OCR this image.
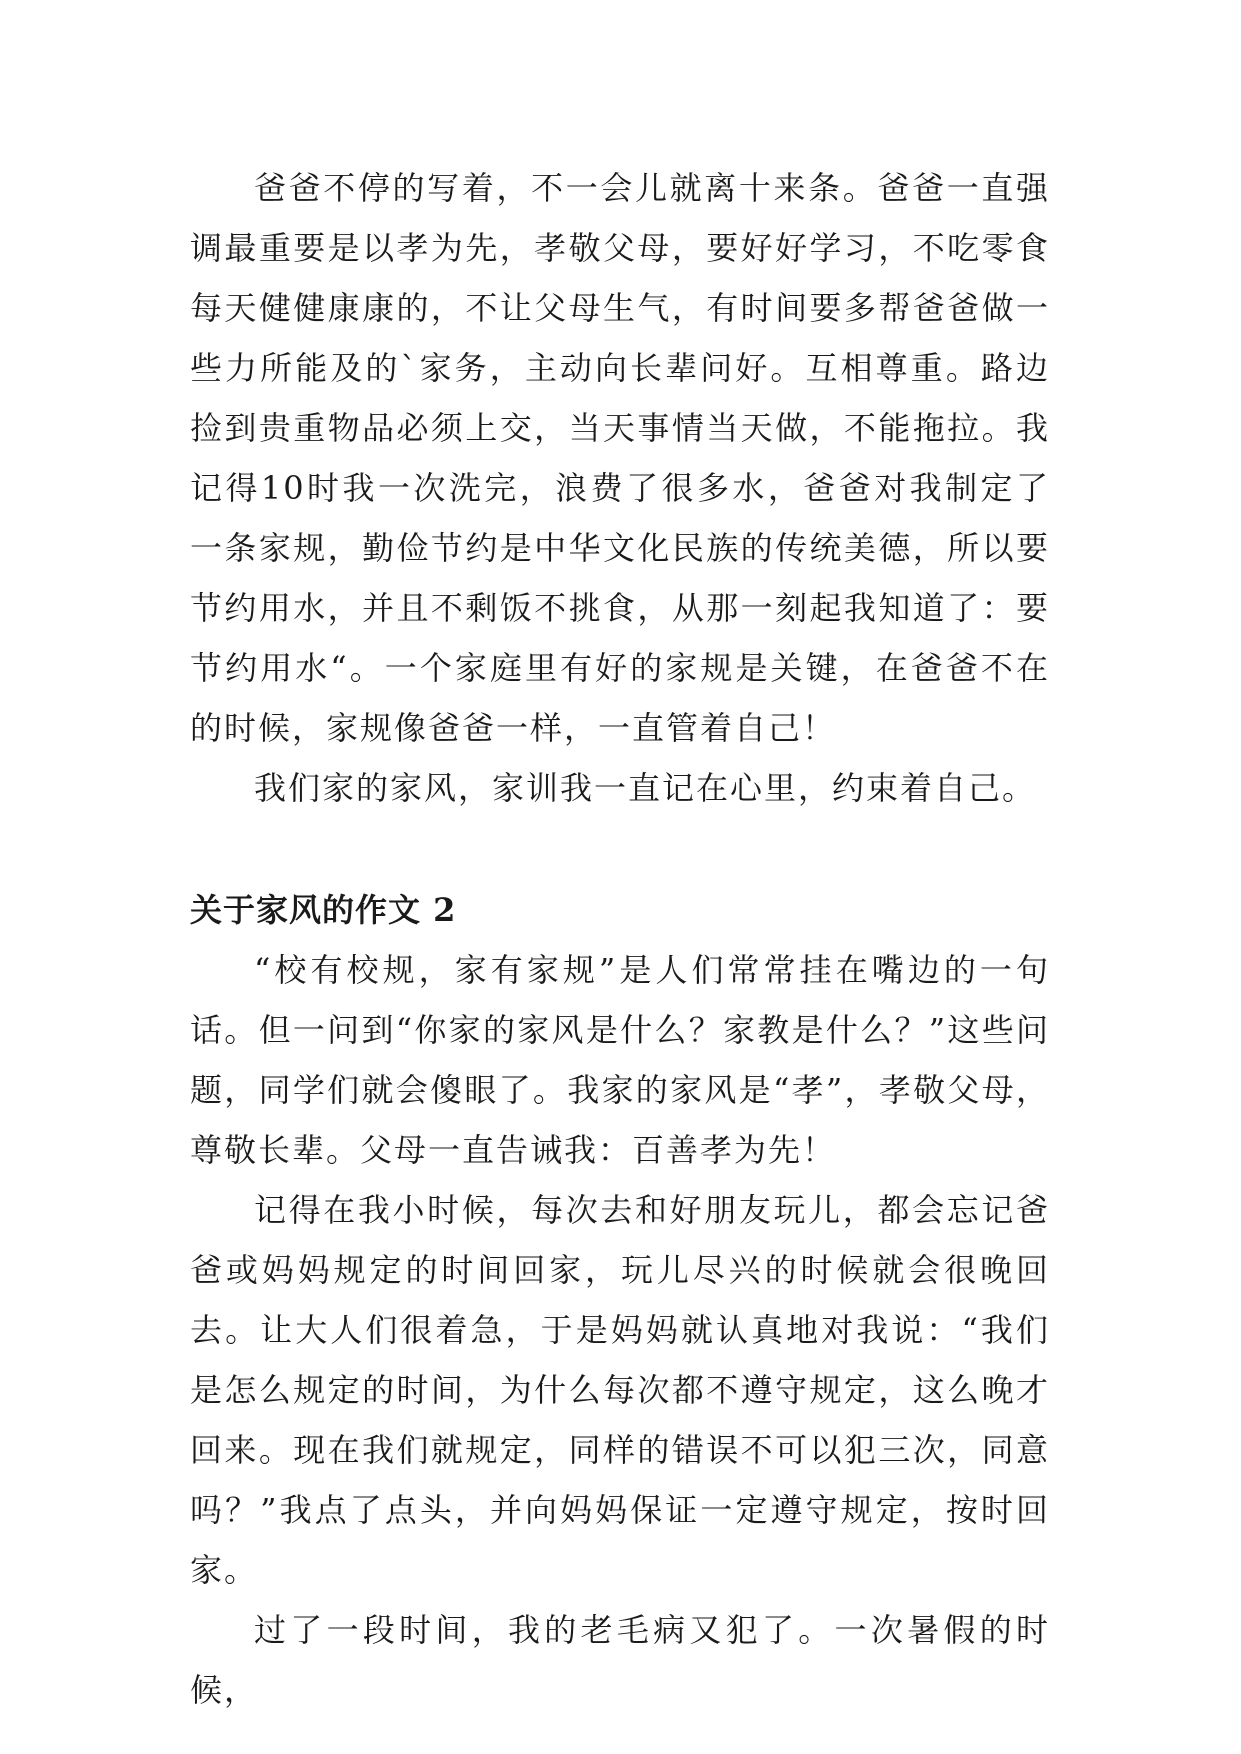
爸爸不停的写着，不一会儿就离十来条。爸爸一直强调最重要是以孝为先，孝敬父母，要好好学习，不吃零食每天健健康康的，不让父母生气，有时间要多帮爸爸做一些力所能及的`家务，主动向长辈问好。互相尊重。路边捡到贵重物品必须上交，当天事情当天做，不能拖拉。我记得10时我一次洗完，浪费了很多水，爸爸对我制定了一条家规，勤俭节约是中华文化民族的传统美德，所以要节约用水，并且不剩饭不挑食，从那一刻起我知道了：要节约用水“。一个家庭里有好的家规是关键，在爸爸不在的时候，家规像爸爸一样，一直管着自己！

我们家的家风，家训我一直记在心里，约束着自己。

关于家风的作文 2

“校有校规，家有家规”是人们常常挂在嘴边的一句话。但一问到“你家的家风是什么？家教是什么？”这些问题，同学们就会傻眼了。我家的家风是“孝”，孝敬父母，尊敬长辈。父母一直告诫我：百善孝为先！

记得在我小时候，每次去和好朋友玩儿，都会忘记爸爸或妈妈规定的时间回家，玩儿尽兴的时候就会很晚回去。让大人们很着急，于是妈妈就认真地对我说：“我们是怎么规定的时间，为什么每次都不遵守规定，这么晚才回来。现在我们就规定，同样的错误不可以犯三次，同意吗？”我点了点头，并向妈妈保证一定遵守规定，按时回家。

过了一段时间，我的老毛病又犯了。一次暑假的时候，
